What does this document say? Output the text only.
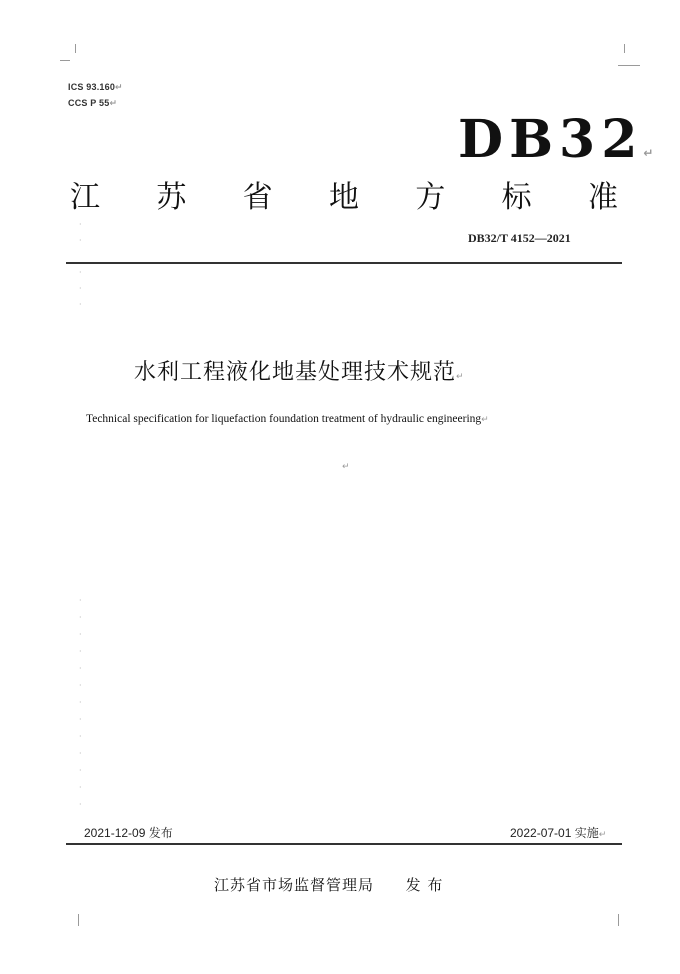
ICS 93.160↵
CCS P 55↵
DB32↵
江 苏 省 地 方 标 准
DB32/T 4152—2021
·
·
·
·
·
水利工程液化地基处理技术规范↵
Technical specification for liquefaction foundation treatment of hydraulic engineering↵
↵
·
·
·
·
·
·
·
·
·
·
·
·
·
2021-12-09 发布	2022-07-01 实施↵
江苏省市场监督管理局 发 布
